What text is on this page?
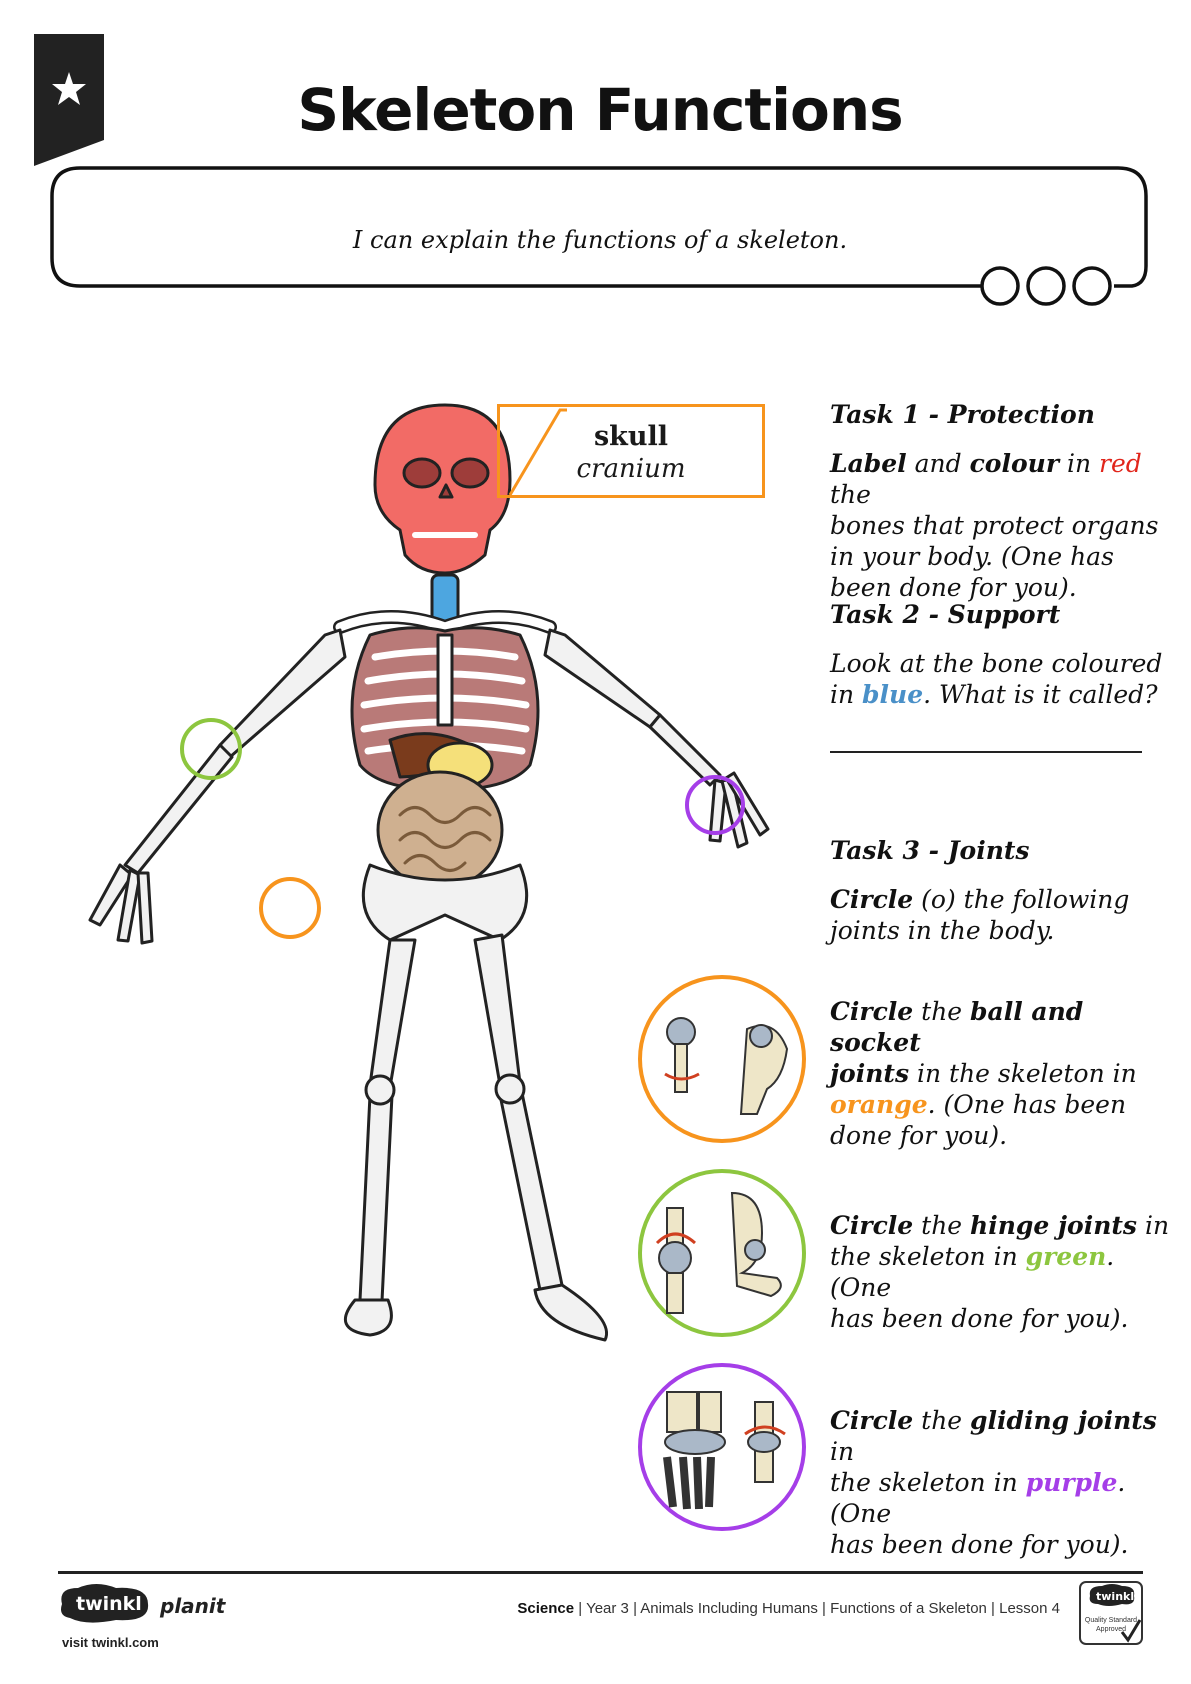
Skeleton Functions
I can explain the functions of a skeleton.
skull
cranium
Task 1 - Protection
Label and colour in red the
bones that protect organs
in your body. (One has
been done for you).
Task 2 - Support
Look at the bone coloured
in blue. What is it called?
Task 3 - Joints
Circle (o) the following
joints in the body.
Circle the ball and socket
joints in the skeleton in
orange. (One has been
done for you).
Circle the hinge joints in
the skeleton in green. (One
has been done for you).
Circle the gliding joints in
the skeleton in purple. (One
has been done for you).
twinkl planit
visit twinkl.com
Science | Year 3 | Animals Including Humans | Functions of a Skeleton | Lesson 4
twinkl
Quality Standard
Approved
